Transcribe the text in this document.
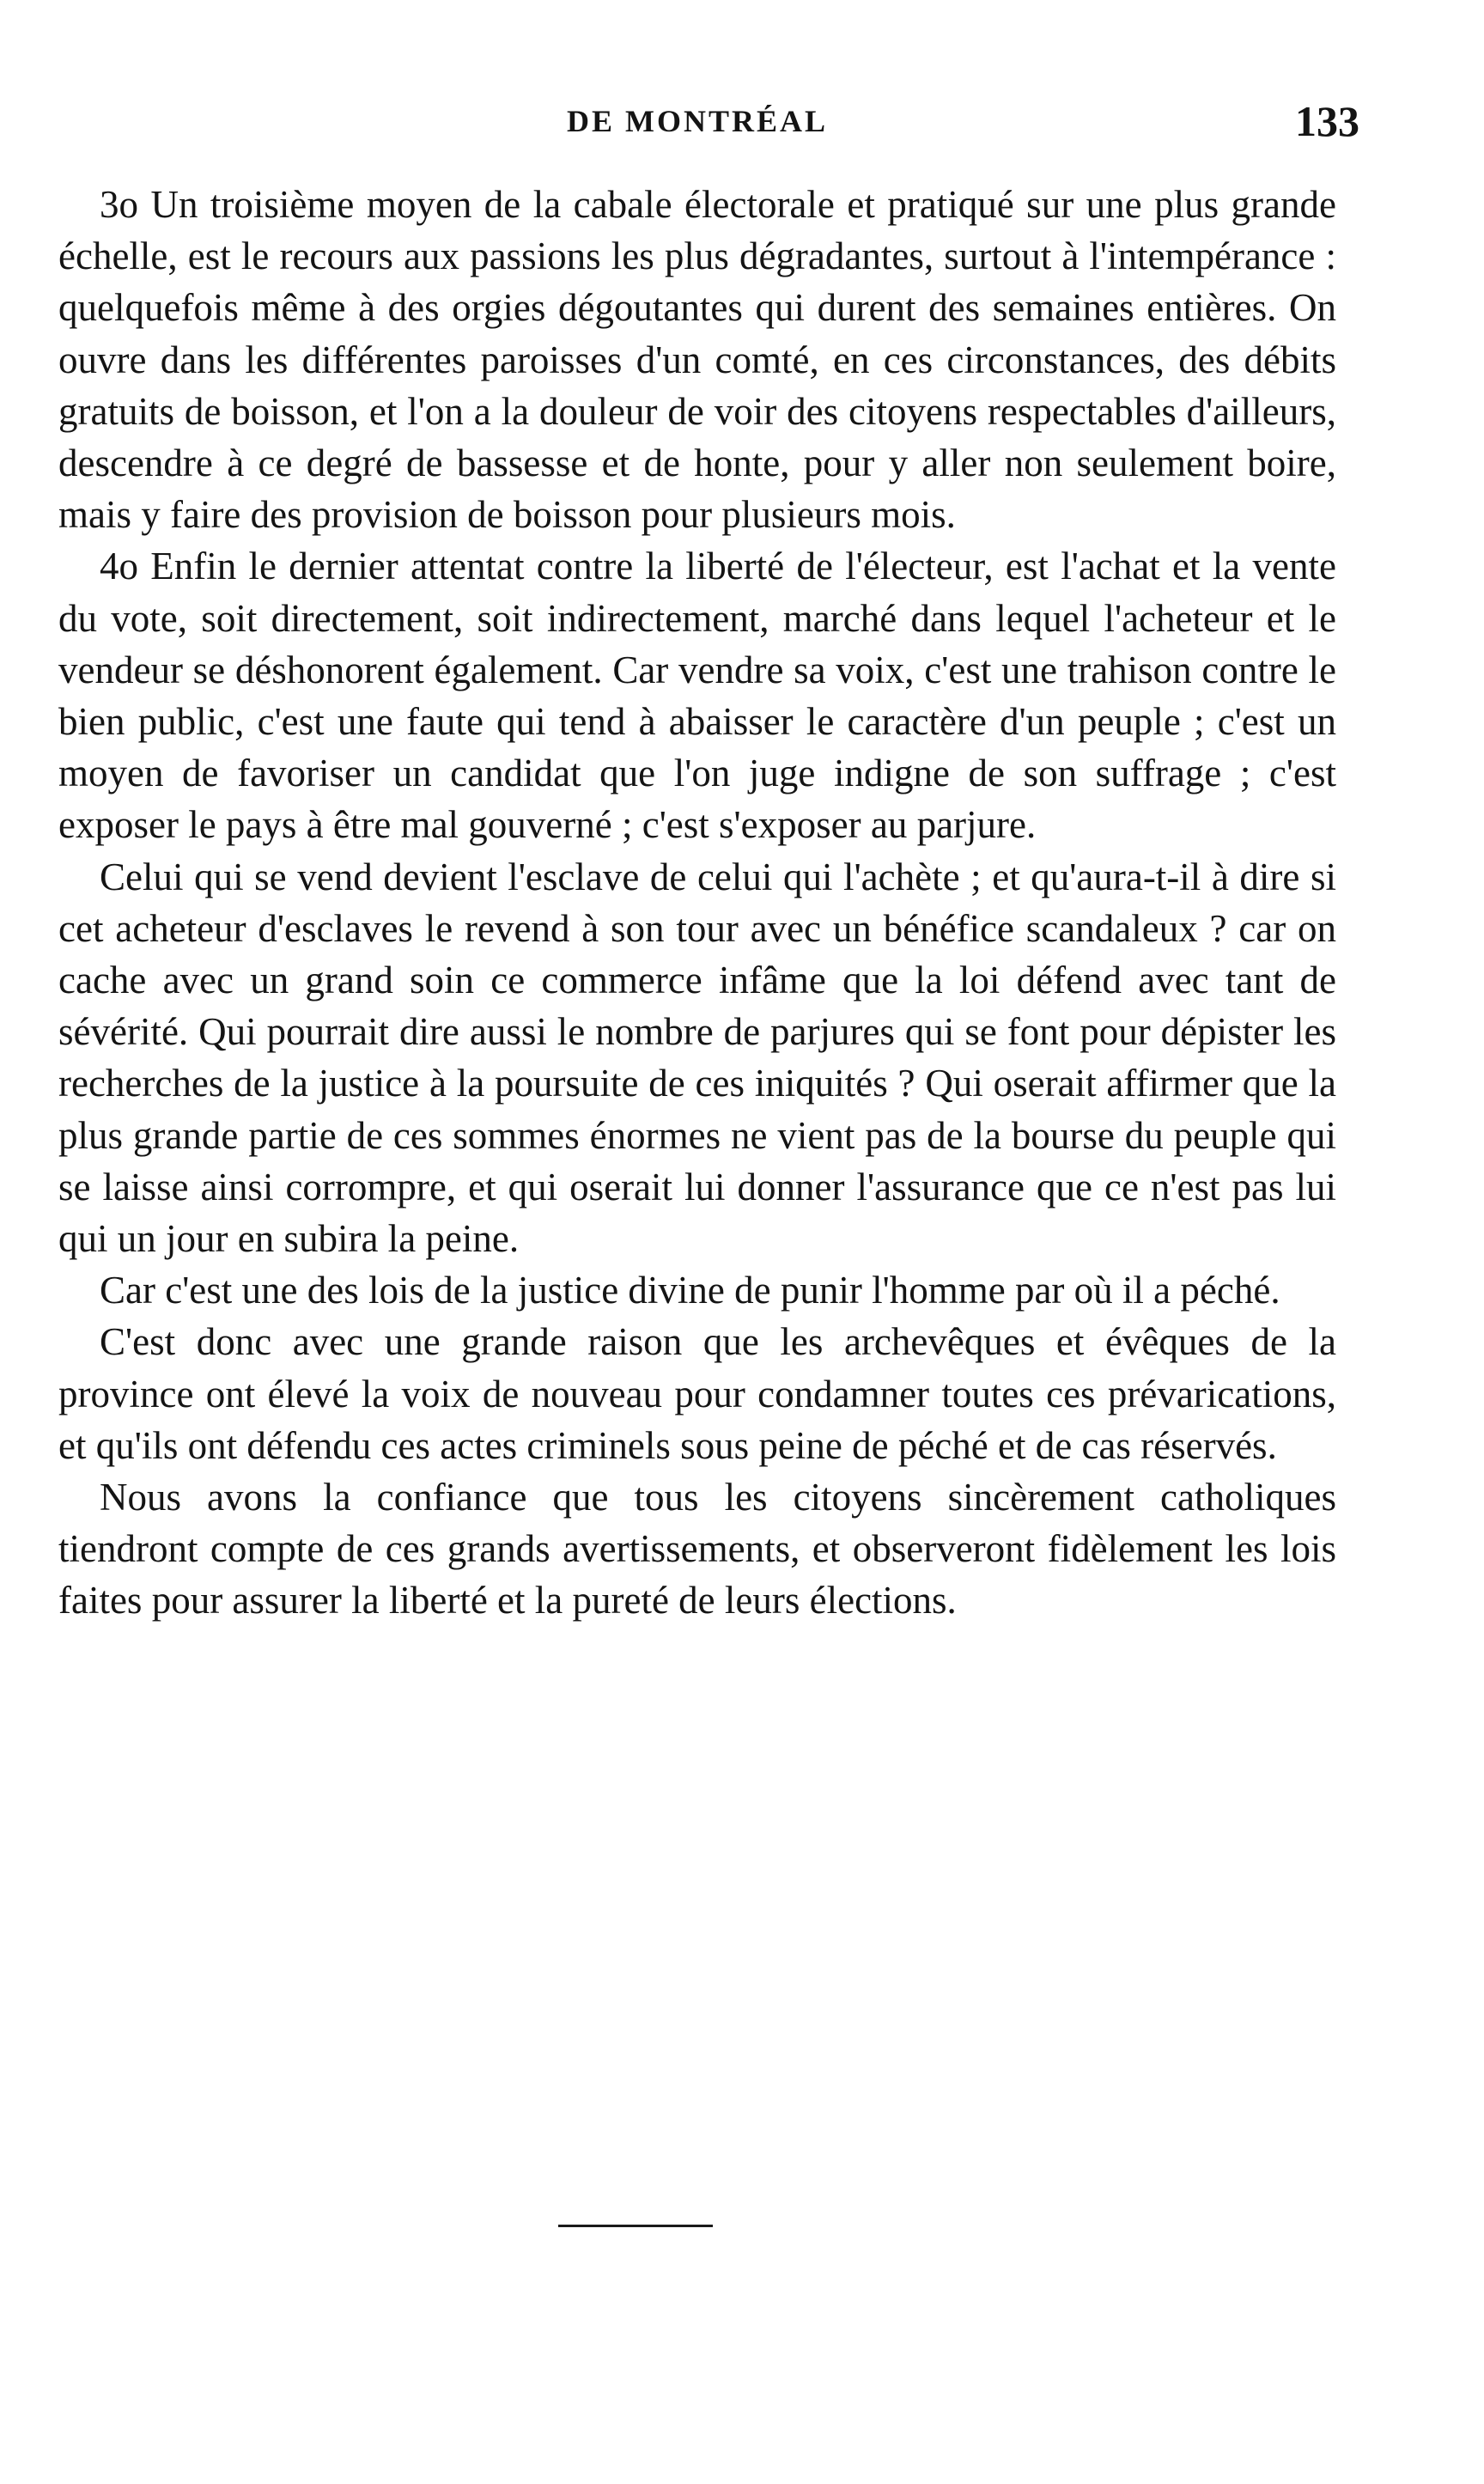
DE MONTRÉAL	133

3o Un troisième moyen de la cabale électorale et pratiqué sur une plus grande échelle, est le recours aux passions les plus dégradantes, surtout à l'intempérance : quelquefois même à des orgies dégoutantes qui durent des semaines entières. On ouvre dans les différentes paroisses d'un comté, en ces circonstances, des débits gratuits de boisson, et l'on a la douleur de voir des citoyens respectables d'ailleurs, descendre à ce degré de bassesse et de honte, pour y aller non seulement boire, mais y faire des provision de boisson pour plusieurs mois.

4o Enfin le dernier attentat contre la liberté de l'électeur, est l'achat et la vente du vote, soit directement, soit indirectement, marché dans lequel l'acheteur et le vendeur se déshonorent également. Car vendre sa voix, c'est une trahison contre le bien public, c'est une faute qui tend à abaisser le caractère d'un peuple ; c'est un moyen de favoriser un candidat que l'on juge indigne de son suffrage ; c'est exposer le pays à être mal gouverné ; c'est s'exposer au parjure.

Celui qui se vend devient l'esclave de celui qui l'achète ; et qu'aura-t-il à dire si cet acheteur d'esclaves le revend à son tour avec un bénéfice scandaleux ? car on cache avec un grand soin ce commerce infâme que la loi défend avec tant de sévérité. Qui pourrait dire aussi le nombre de parjures qui se font pour dépister les recherches de la justice à la poursuite de ces iniquités ? Qui oserait affirmer que la plus grande partie de ces sommes énormes ne vient pas de la bourse du peuple qui se laisse ainsi corrompre, et qui oserait lui donner l'assurance que ce n'est pas lui qui un jour en subira la peine.

Car c'est une des lois de la justice divine de punir l'homme par où il a péché.

C'est donc avec une grande raison que les archevêques et évêques de la province ont élevé la voix de nouveau pour condamner toutes ces prévarications, et qu'ils ont défendu ces actes criminels sous peine de péché et de cas réservés.

Nous avons la confiance que tous les citoyens sincèrement catholiques tiendront compte de ces grands avertissements, et observeront fidèlement les lois faites pour assurer la liberté et la pureté de leurs élections.
